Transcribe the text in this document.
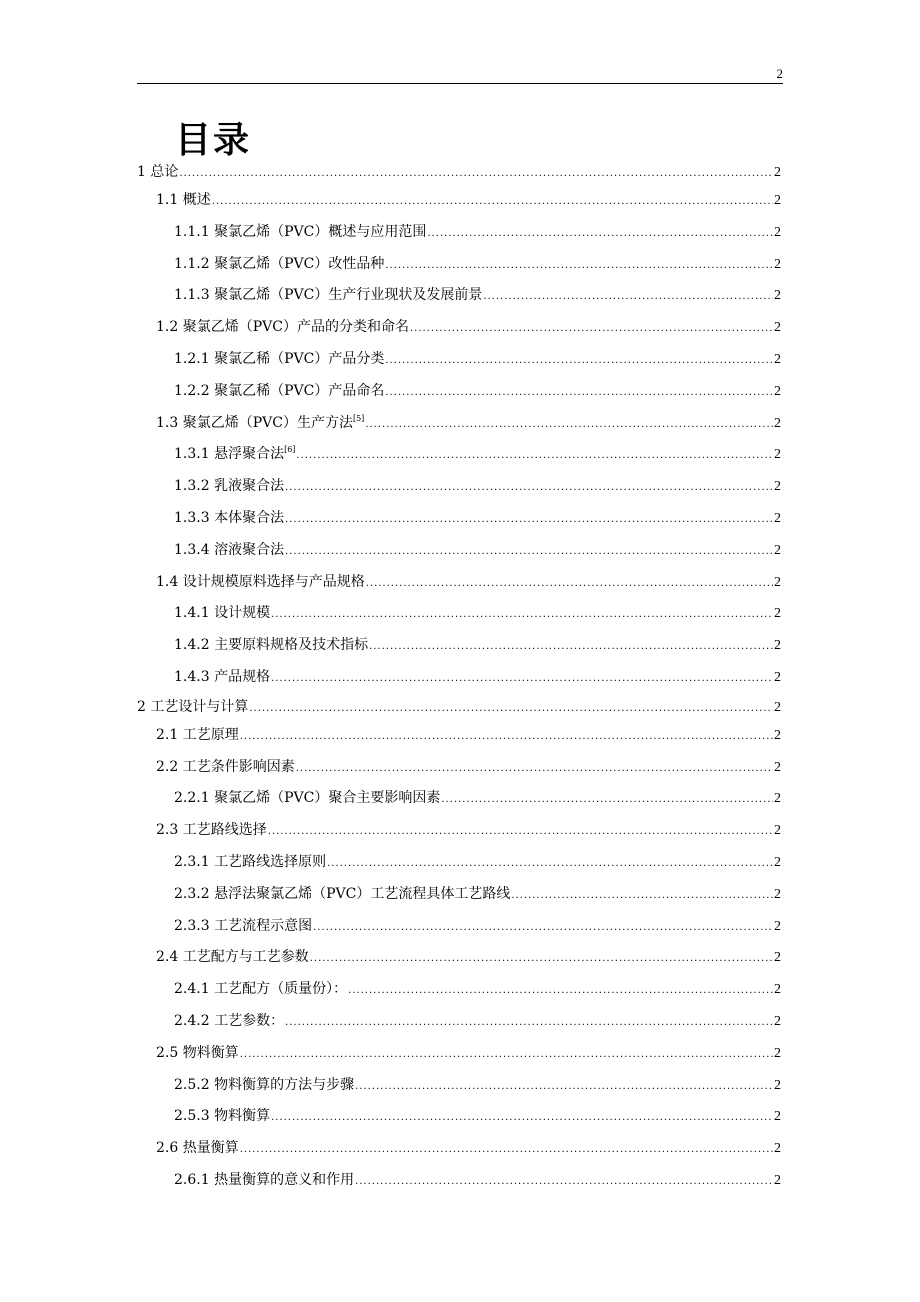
2
目录
1 总论 .....	2
1.1 概述 .....	2
1.1.1 聚氯乙烯（PVC）概述与应用范围 .....	2
1.1.2 聚氯乙烯（PVC）改性品种 .....	2
1.1.3 聚氯乙烯（PVC）生产行业现状及发展前景 .....	2
1.2 聚氯乙烯（PVC）产品的分类和命名 .....	2
1.2.1 聚氯乙稀（PVC）产品分类 .....	2
1.2.2 聚氯乙稀（PVC）产品命名 .....	2
1.3 聚氯乙烯（PVC）生产方法[5] .....	2
1.3.1 悬浮聚合法[6] .....	2
1.3.2 乳液聚合法 .....	2
1.3.3 本体聚合法 .....	2
1.3.4 溶液聚合法 .....	2
1.4 设计规模原料选择与产品规格 .....	2
1.4.1 设计规模 .....	2
1.4.2 主要原料规格及技术指标 .....	2
1.4.3 产品规格 .....	2
2 工艺设计与计算 .....	2
2.1 工艺原理 .....	2
2.2 工艺条件影响因素 .....	2
2.2.1 聚氯乙烯（PVC）聚合主要影响因素 .....	2
2.3 工艺路线选择 .....	2
2.3.1 工艺路线选择原则 .....	2
2.3.2 悬浮法聚氯乙烯（PVC）工艺流程具体工艺路线 .....	2
2.3.3 工艺流程示意图 .....	2
2.4 工艺配方与工艺参数 .....	2
2.4.1 工艺配方（质量份）： .....	2
2.4.2 工艺参数： .....	2
2.5 物料衡算 .....	2
2.5.2 物料衡算的方法与步骤 .....	2
2.5.3 物料衡算 .....	2
2.6 热量衡算 .....	2
2.6.1 热量衡算的意义和作用 .....	2
